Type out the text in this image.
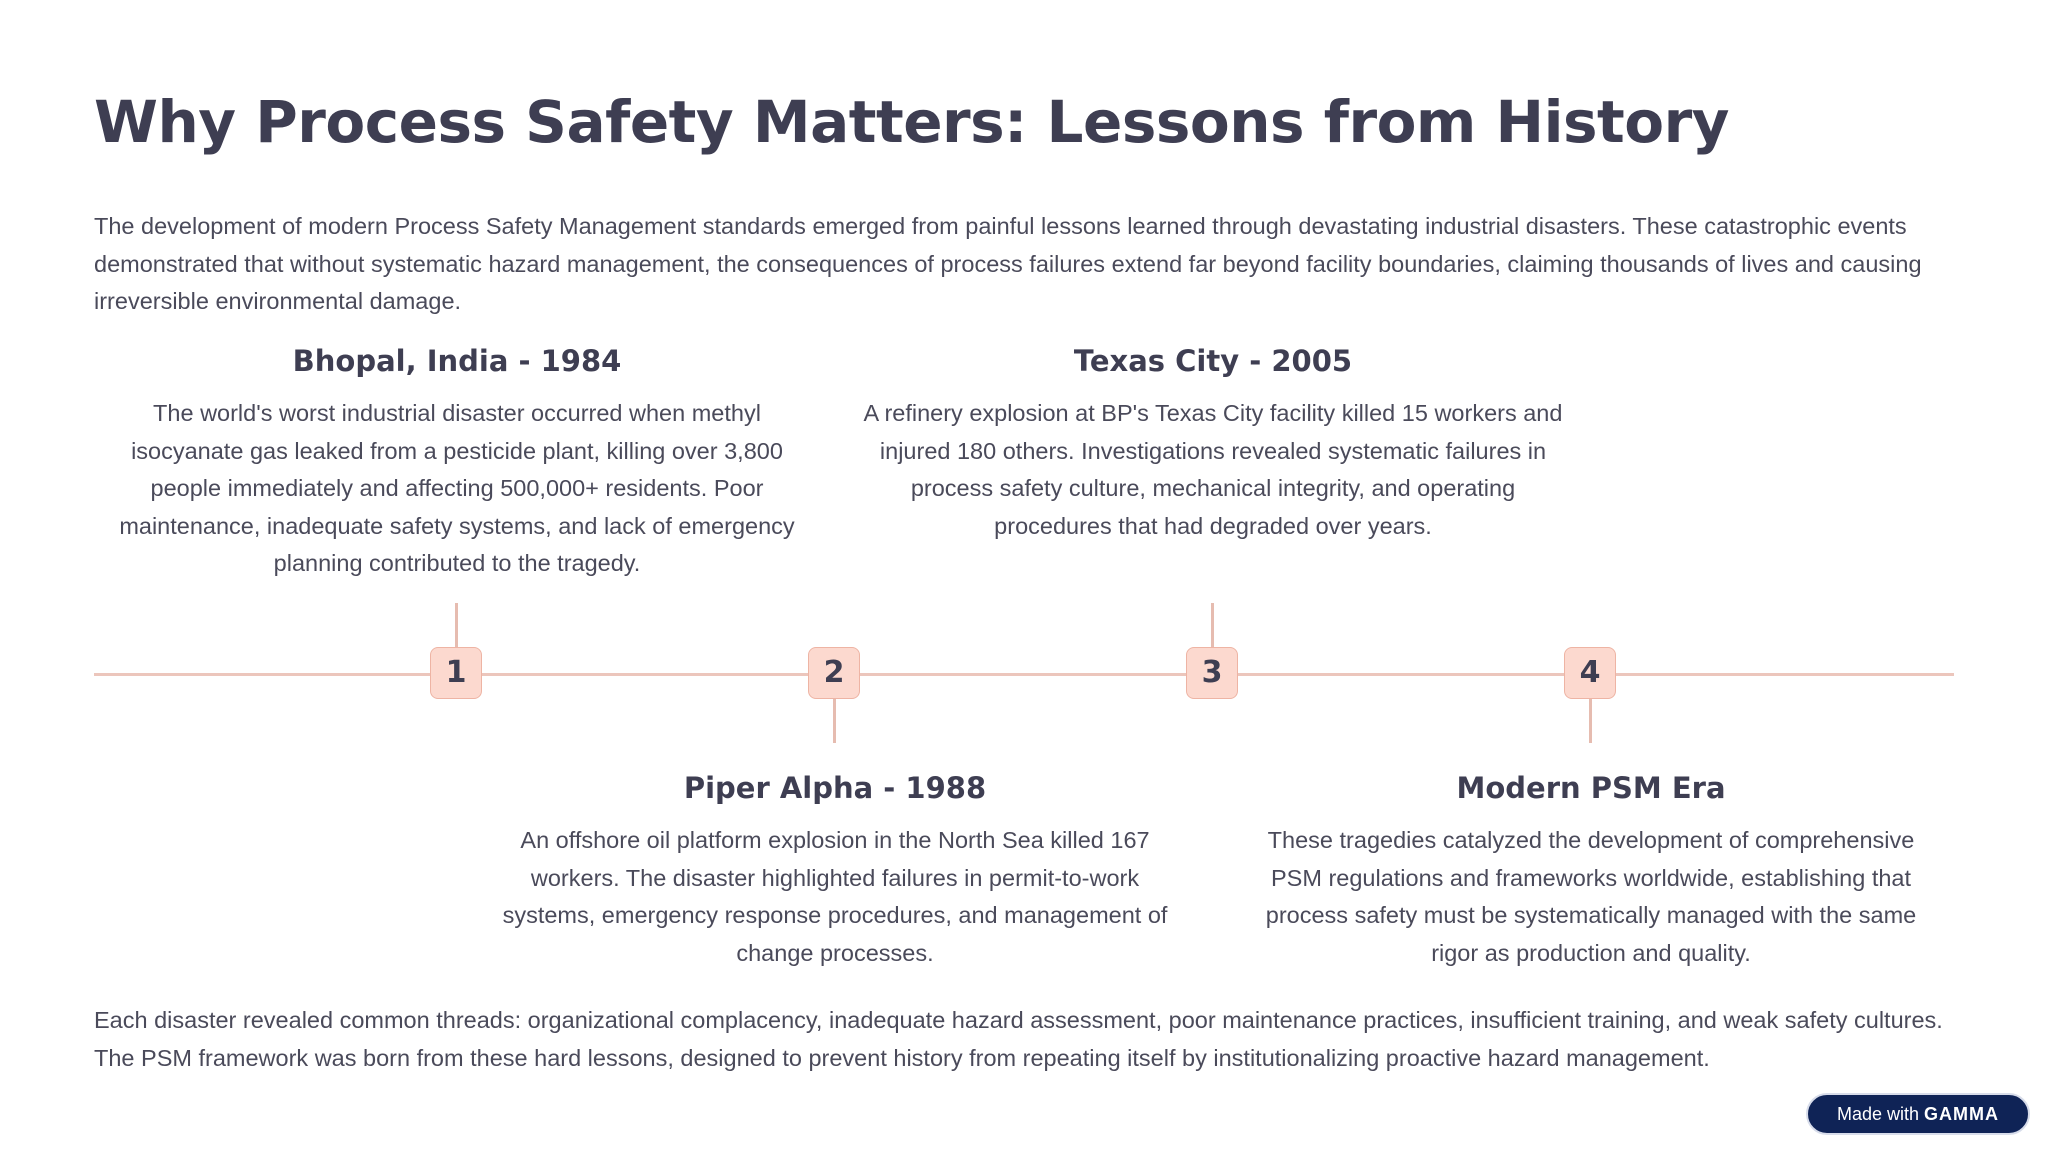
Why Process Safety Matters: Lessons from History

The development of modern Process Safety Management standards emerged from painful lessons learned through devastating industrial disasters. These catastrophic events demonstrated that without systematic hazard management, the consequences of process failures extend far beyond facility boundaries, claiming thousands of lives and causing irreversible environmental damage.

Bhopal, India - 1984

The world's worst industrial disaster occurred when methyl isocyanate gas leaked from a pesticide plant, killing over 3,800 people immediately and affecting 500,000+ residents. Poor maintenance, inadequate safety systems, and lack of emergency planning contributed to the tragedy.

Texas City - 2005

A refinery explosion at BP's Texas City facility killed 15 workers and injured 180 others. Investigations revealed systematic failures in process safety culture, mechanical integrity, and operating procedures that had degraded over years.

1	2	3	4
Piper Alpha - 1988

An offshore oil platform explosion in the North Sea killed 167 workers. The disaster highlighted failures in permit-to-work systems, emergency response procedures, and management of change processes.

Modern PSM Era

These tragedies catalyzed the development of comprehensive PSM regulations and frameworks worldwide, establishing that process safety must be systematically managed with the same rigor as production and quality.

Each disaster revealed common threads: organizational complacency, inadequate hazard assessment, poor maintenance practices, insufficient training, and weak safety cultures. The PSM framework was born from these hard lessons, designed to prevent history from repeating itself by institutionalizing proactive hazard management.

Made with GAMMA
